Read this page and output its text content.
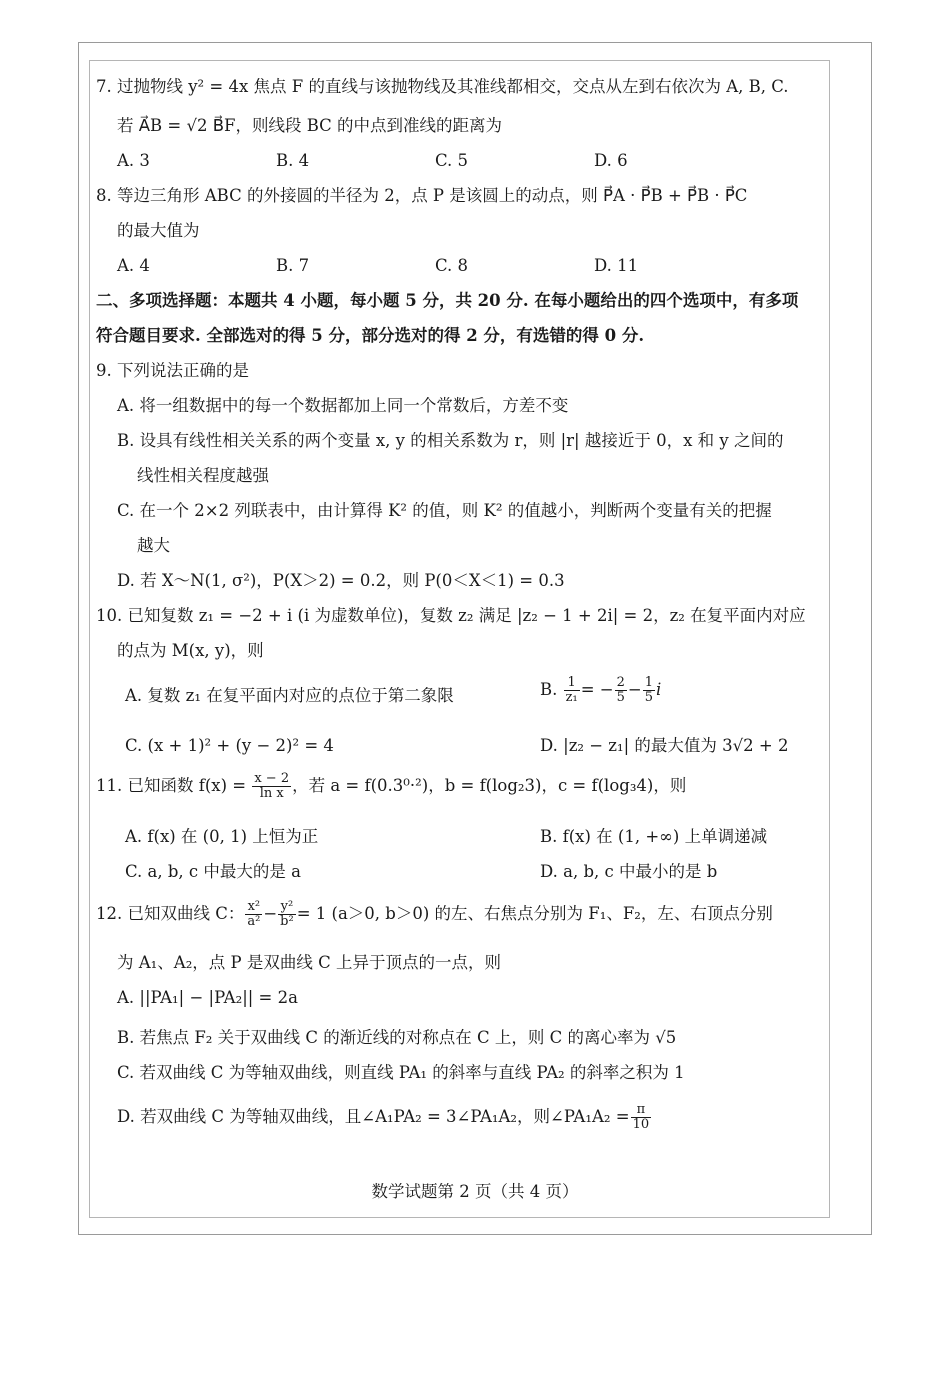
7. 过抛物线 y² = 4x 焦点 F 的直线与该抛物线及其准线都相交，交点从左到右依次为 A, B, C.
若 A⃗B = √2 B⃗F，则线段 BC 的中点到准线的距离为
A. 3	B. 4	C. 5	D. 6
8. 等边三角形 ABC 的外接圆的半径为 2，点 P 是该圆上的动点，则 P⃗A · P⃗B + P⃗B · P⃗C
的最大值为
A. 4	B. 7	C. 8	D. 11
二、多项选择题：本题共 4 小题，每小题 5 分，共 20 分. 在每小题给出的四个选项中，有多项
符合题目要求. 全部选对的得 5 分，部分选对的得 2 分，有选错的得 0 分.
9. 下列说法正确的是
A. 将一组数据中的每一个数据都加上同一个常数后，方差不变
B. 设具有线性相关关系的两个变量 x, y 的相关系数为 r，则 |r| 越接近于 0，x 和 y 之间的
线性相关程度越强
C. 在一个 2×2 列联表中，由计算得 K² 的值，则 K² 的值越小，判断两个变量有关的把握
越大
D. 若 X～N(1, σ²)，P(X＞2) = 0.2，则 P(0＜X＜1) = 0.3
10. 已知复数 z₁ = −2 + i (i 为虚数单位)，复数 z₂ 满足 |z₂ − 1 + 2i| = 2，z₂ 在复平面内对应
的点为 M(x, y)，则
A. 复数 z₁ 在复平面内对应的点位于第二象限	B. $\frac{1}{\text{z₁}}$ = − $\frac{2}{5} - \frac{1}{5}$ i
C. (x + 1)² + (y − 2)² = 4	D. |z₂ − z₁| 的最大值为 3√2 + 2
11. 已知函数 $f(x) = \frac{x - 2}{\text{ln x}}$ ，若 a = f(0.3⁰·²)，b = f(log₂3)，c = f(log₃4)，则
A. f(x) 在 (0, 1) 上恒为正	B. f(x) 在 (1, +∞) 上单调递减
C. a, b, c 中最大的是 a	D. a, b, c 中最小的是 b
12. 已知双曲线 C： $\frac{\text{x²}}{\text{a²}} - \frac{\text{y²}}{\text{b²}} = 1$ (a＞0, b＞0) 的左、右焦点分别为 F₁、F₂，左、右顶点分别
为 A₁、A₂，点 P 是双曲线 C 上异于顶点的一点，则
A. ||PA₁| − |PA₂|| = 2a
B. 若焦点 F₂ 关于双曲线 C 的渐近线的对称点在 C 上，则 C 的离心率为 √5
C. 若双曲线 C 为等轴双曲线，则直线 PA₁ 的斜率与直线 PA₂ 的斜率之积为 1
D. 若双曲线 C 为等轴双曲线，且∠A₁PA₂ = 3∠PA₁A₂，则∠PA₁A₂ = $\frac{\pi}{10}$
数学试题第 2 页（共 4 页）
